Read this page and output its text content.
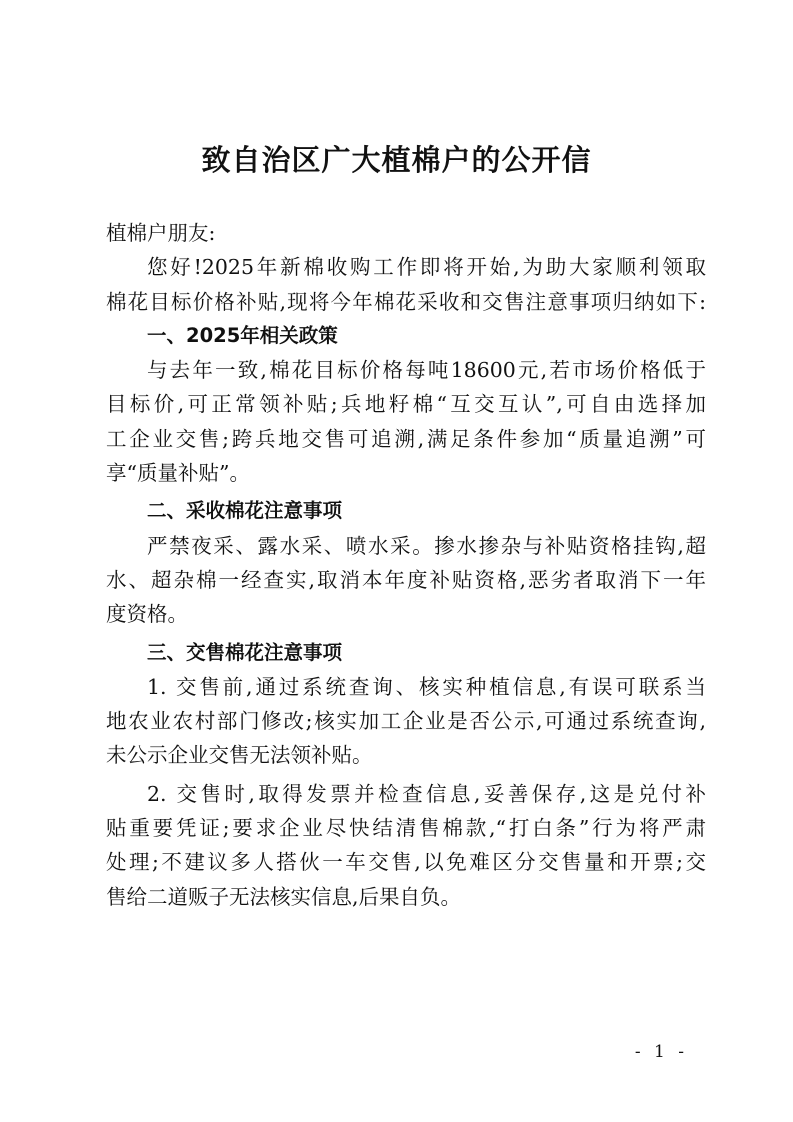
致自治区广大植棉户的公开信
植棉户朋友:
您好!2025年新棉收购工作即将开始,为助大家顺利领取
棉花目标价格补贴,现将今年棉花采收和交售注意事项归纳如下:
一、2025年相关政策
与去年一致,棉花目标价格每吨18600元,若市场价格低于
目标价,可正常领补贴;兵地籽棉“互交互认”,可自由选择加
工企业交售;跨兵地交售可追溯,满足条件参加“质量追溯”可
享“质量补贴”。
二、采收棉花注意事项
严禁夜采、露水采、喷水采。掺水掺杂与补贴资格挂钩,超
水、超杂棉一经查实,取消本年度补贴资格,恶劣者取消下一年
度资格。
三、交售棉花注意事项
1. 交售前,通过系统查询、核实种植信息,有误可联系当
地农业农村部门修改;核实加工企业是否公示,可通过系统查询,
未公示企业交售无法领补贴。
2. 交售时,取得发票并检查信息,妥善保存,这是兑付补
贴重要凭证;要求企业尽快结清售棉款,“打白条”行为将严肃
处理;不建议多人搭伙一车交售,以免难区分交售量和开票;交
售给二道贩子无法核实信息,后果自负。
- 1 -
